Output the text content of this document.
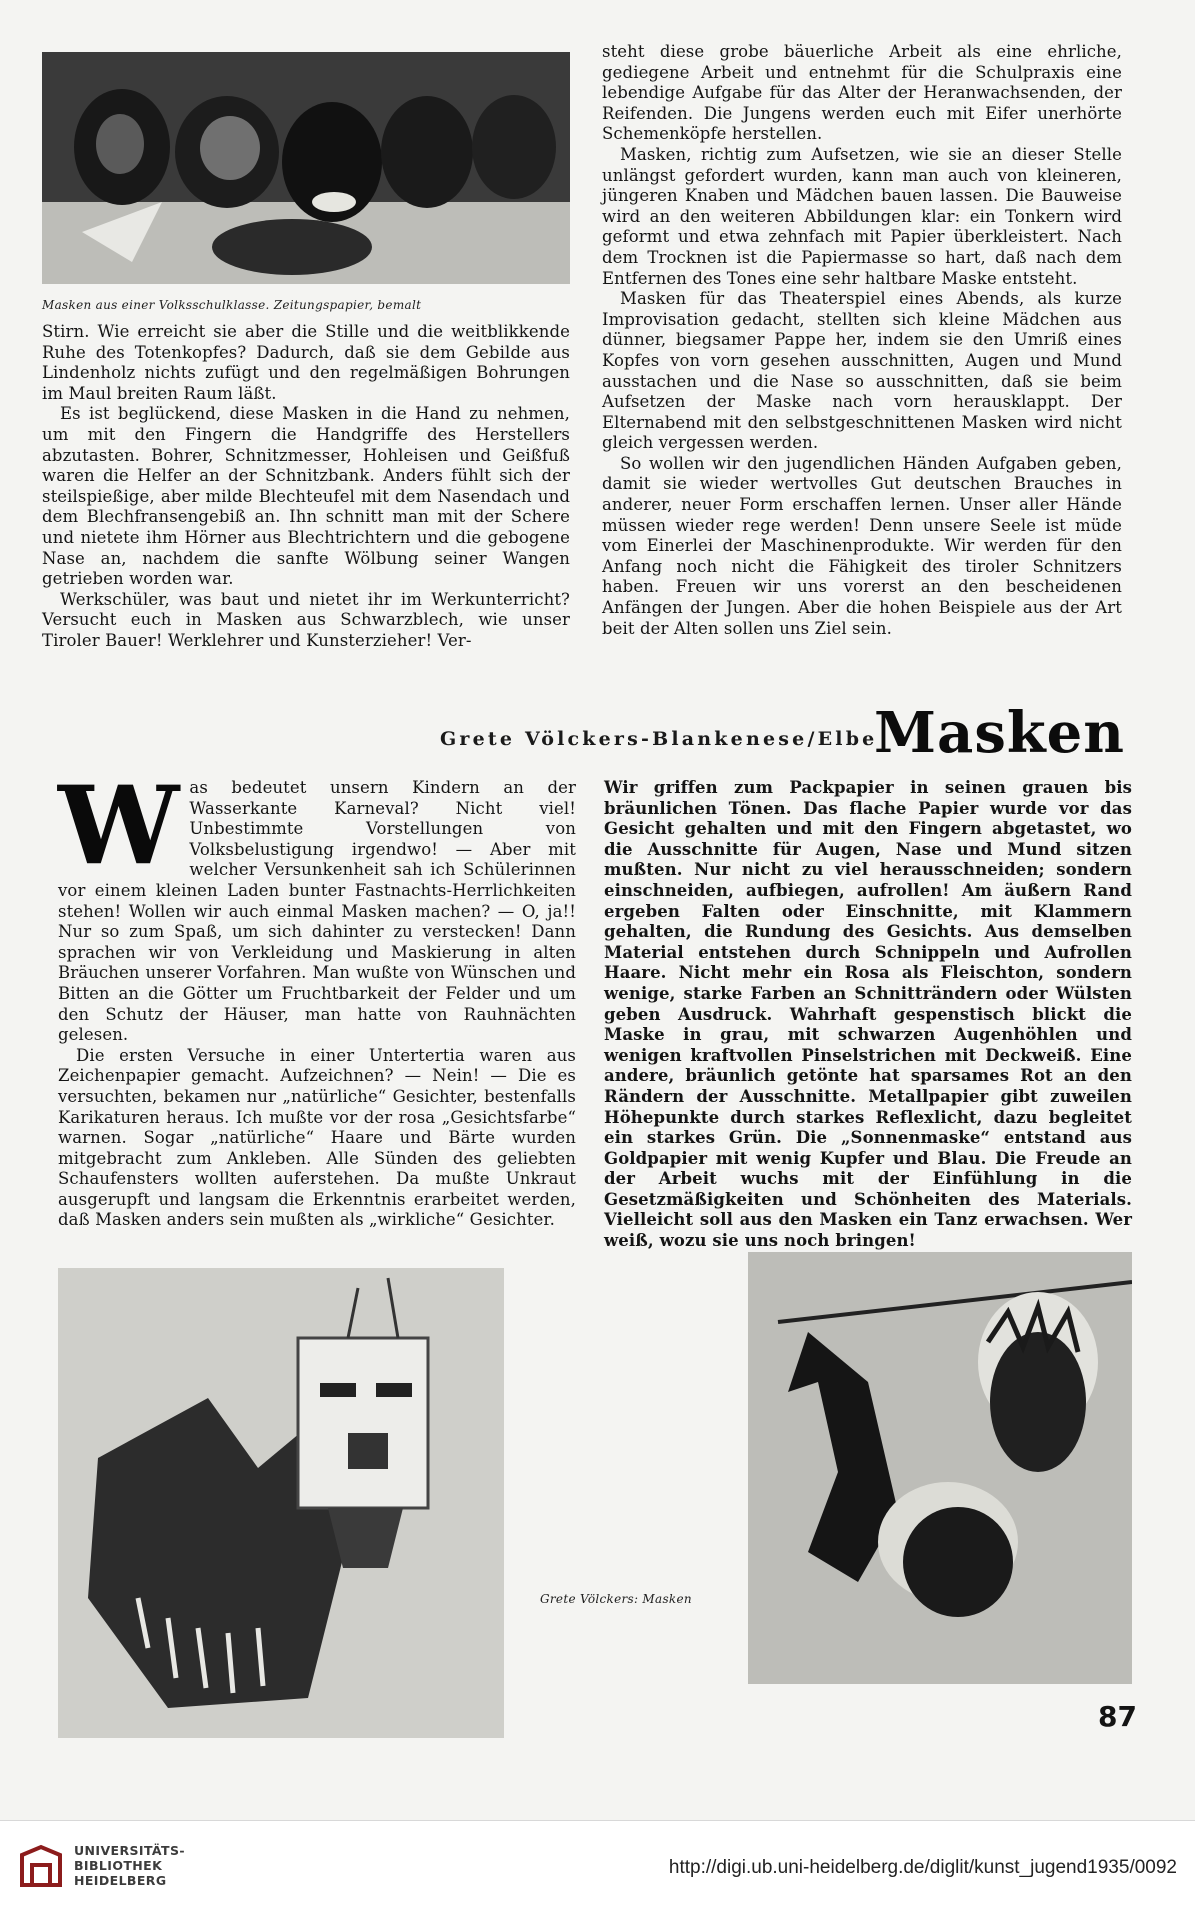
Masken aus einer Volksschulklasse. Zeitungspapier, bemalt

Stirn. Wie erreicht sie aber die Stille und die weitblikkende Ruhe des Totenkopfes? Dadurch, daß sie dem Gebilde aus Lindenholz nichts zufügt und den regelmäßigen Bohrungen im Maul breiten Raum läßt.

Es ist beglückend, diese Masken in die Hand zu nehmen, um mit den Fingern die Handgriffe des Herstellers abzutasten. Bohrer, Schnitzmesser, Hohleisen und Geißfuß waren die Helfer an der Schnitzbank. Anders fühlt sich der steilspießige, aber milde Blechteufel mit dem Nasendach und dem Blechfransengebiß an. Ihn schnitt man mit der Schere und nietete ihm Hörner aus Blechtrichtern und die gebogene Nase an, nachdem die sanfte Wölbung seiner Wangen getrieben worden war.

Werkschüler, was baut und nietet ihr im Werkunterricht? Versucht euch in Masken aus Schwarzblech, wie unser Tiroler Bauer! Werklehrer und Kunsterzieher! Ver-

steht diese grobe bäuerliche Arbeit als eine ehrliche, gediegene Arbeit und entnehmt für die Schulpraxis eine lebendige Aufgabe für das Alter der Heranwachsenden, der Reifenden. Die Jungens werden euch mit Eifer unerhörte Schemenköpfe herstellen.

Masken, richtig zum Aufsetzen, wie sie an dieser Stelle unlängst gefordert wurden, kann man auch von kleineren, jüngeren Knaben und Mädchen bauen lassen. Die Bauweise wird an den weiteren Abbildungen klar: ein Tonkern wird geformt und etwa zehnfach mit Papier überkleistert. Nach dem Trocknen ist die Papiermasse so hart, daß nach dem Entfernen des Tones eine sehr haltbare Maske entsteht.

Masken für das Theaterspiel eines Abends, als kurze Improvisation gedacht, stellten sich kleine Mädchen aus dünner, biegsamer Pappe her, indem sie den Umriß eines Kopfes von vorn gesehen ausschnitten, Augen und Mund ausstachen und die Nase so ausschnitten, daß sie beim Aufsetzen der Maske nach vorn herausklappt. Der Elternabend mit den selbstgeschnittenen Masken wird nicht gleich vergessen werden.

So wollen wir den jugendlichen Händen Aufgaben geben, damit sie wieder wertvolles Gut deutschen Brauches in anderer, neuer Form erschaffen lernen. Unser aller Hände müssen wieder rege werden! Denn unsere Seele ist müde vom Einerlei der Maschinenprodukte. Wir werden für den Anfang noch nicht die Fähigkeit des tiroler Schnitzers haben. Freuen wir uns vorerst an den bescheidenen Anfängen der Jungen. Aber die hohen Beispiele aus der Art beit der Alten sollen uns Ziel sein.

Grete Völckers-Blankenese/Elbe
Masken
W as bedeutet unsern Kindern an der Wasserkante Karneval? Nicht viel! Unbestimmte Vorstellungen von Volksbelustigung irgendwo! — Aber mit welcher Versunkenheit sah ich Schülerinnen vor einem kleinen Laden bunter Fastnachts-Herrlichkeiten stehen! Wollen wir auch einmal Masken machen? — O, ja!! Nur so zum Spaß, um sich dahinter zu verstecken! Dann sprachen wir von Verkleidung und Maskierung in alten Bräuchen unserer Vorfahren. Man wußte von Wünschen und Bitten an die Götter um Fruchtbarkeit der Felder und um den Schutz der Häuser, man hatte von Rauhnächten gelesen.

Die ersten Versuche in einer Untertertia waren aus Zeichenpapier gemacht. Aufzeichnen? — Nein! — Die es versuchten, bekamen nur „natürliche“ Gesichter, bestenfalls Karikaturen heraus. Ich mußte vor der rosa „Gesichtsfarbe“ warnen. Sogar „natürliche“ Haare und Bärte wurden mitgebracht zum Ankleben. Alle Sünden des geliebten Schaufensters wollten auferstehen. Da mußte Unkraut ausgerupft und langsam die Erkenntnis erarbeitet werden, daß Masken anders sein mußten als „wirkliche“ Gesichter.

Wir griffen zum Packpapier in seinen grauen bis bräunlichen Tönen. Das flache Papier wurde vor das Gesicht gehalten und mit den Fingern abgetastet, wo die Ausschnitte für Augen, Nase und Mund sitzen mußten. Nur nicht zu viel herausschneiden; sondern einschneiden, aufbiegen, aufrollen! Am äußern Rand ergeben Falten oder Einschnitte, mit Klammern gehalten, die Rundung des Gesichts. Aus demselben Material entstehen durch Schnippeln und Aufrollen Haare. Nicht mehr ein Rosa als Fleischton, sondern wenige, starke Farben an Schnitträndern oder Wülsten geben Ausdruck. Wahrhaft gespenstisch blickt die Maske in grau, mit schwarzen Augenhöhlen und wenigen kraftvollen Pinselstrichen mit Deckweiß. Eine andere, bräunlich getönte hat sparsames Rot an den Rändern der Ausschnitte. Metallpapier gibt zuweilen Höhepunkte durch starkes Reflexlicht, dazu begleitet ein starkes Grün. Die „Sonnenmaske“ entstand aus Goldpapier mit wenig Kupfer und Blau. Die Freude an der Arbeit wuchs mit der Einfühlung in die Gesetzmäßigkeiten und Schönheiten des Materials. Vielleicht soll aus den Masken ein Tanz erwachsen. Wer weiß, wozu sie uns noch bringen!

Grete Völckers: Masken
87
UNIVERSITÄTS-
BIBLIOTHEK
HEIDELBERG
http://digi.ub.uni-heidelberg.de/diglit/kunst_jugend1935/0092
